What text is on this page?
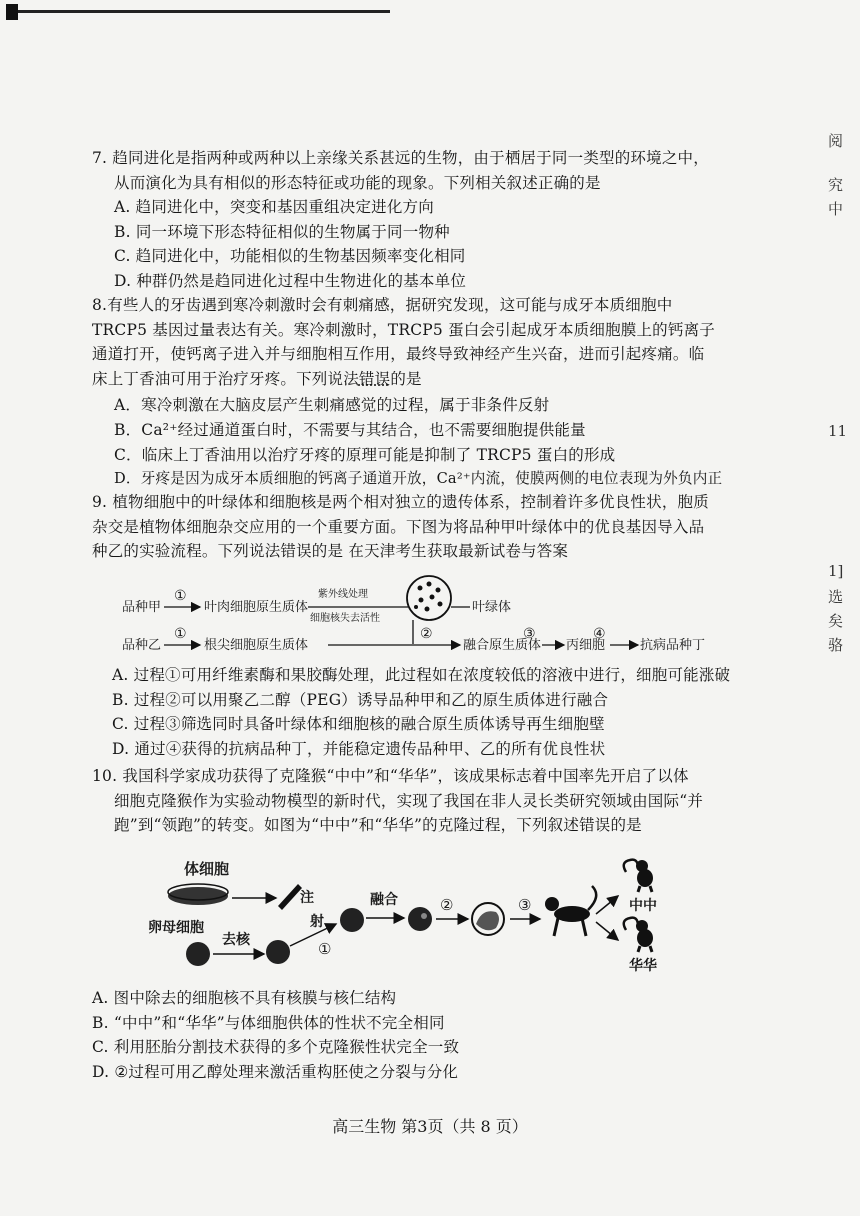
阅
究
中
11
1]
选
矣
骆

7. 趋同进化是指两种或两种以上亲缘关系甚远的生物，由于栖居于同一类型的环境之中，

从而演化为具有相似的形态特征或功能的现象。下列相关叙述正确的是

A. 趋同进化中，突变和基因重组决定进化方向

B. 同一环境下形态特征相似的生物属于同一物种

C. 趋同进化中，功能相似的生物基因频率变化相同

D. 种群仍然是趋同进化过程中生物进化的基本单位

8.有些人的牙齿遇到寒冷刺激时会有刺痛感，据研究发现，这可能与成牙本质细胞中

TRCP5 基因过量表达有关。寒冷刺激时，TRCP5 蛋白会引起成牙本质细胞膜上的钙离子

通道打开，使钙离子进入并与细胞相互作用，最终导致神经产生兴奋，进而引起疼痛。临

床上丁香油可用于治疗牙疼。下列说法错误的是

A．寒冷刺激在大脑皮层产生刺痛感觉的过程，属于非条件反射

B．Ca²⁺经过通道蛋白时，不需要与其结合，也不需要细胞提供能量

C．临床上丁香油用以治疗牙疼的原理可能是抑制了 TRCP5 蛋白的形成

D．牙疼是因为成牙本质细胞的钙离子通道开放，Ca²⁺内流，使膜两侧的电位表现为外负内正

9. 植物细胞中的叶绿体和细胞核是两个相对独立的遗传体系，控制着许多优良性状，胞质

杂交是植物体细胞杂交应用的一个重要方面。下图为将品种甲叶绿体中的优良基因导入品

种乙的实验流程。下列说法错误的是 在天津考生获取最新试卷与答案

品种甲
①
叶肉细胞原生质体
紫外线处理
细胞核失去活性
叶绿体
品种乙
①
根尖细胞原生质体
②
融合原生质体
③
丙细胞
④
抗病品种丁

A. 过程①可用纤维素酶和果胶酶处理，此过程如在浓度较低的溶液中进行，细胞可能涨破

B. 过程②可以用聚乙二醇（PEG）诱导品种甲和乙的原生质体进行融合

C. 过程③筛选同时具备叶绿体和细胞核的融合原生质体诱导再生细胞壁

D. 通过④获得的抗病品种丁，并能稳定遗传品种甲、乙的所有优良性状

10. 我国科学家成功获得了克隆猴“中中”和“华华”，该成果标志着中国率先开启了以体

细胞克隆猴作为实验动物模型的新时代，实现了我国在非人灵长类研究领域由国际“并

跑”到“领跑”的转变。如图为“中中”和“华华”的克隆过程，下列叙述错误的是

体细胞
注
射
卵母细胞
去核	①
融合	②	③	中中
华华

A. 图中除去的细胞核不具有核膜与核仁结构

B. “中中”和“华华”与体细胞供体的性状不完全相同

C. 利用胚胎分割技术获得的多个克隆猴性状完全一致

D. ②过程可用乙醇处理来激活重构胚使之分裂与分化

高三生物 第3页（共 8 页）
